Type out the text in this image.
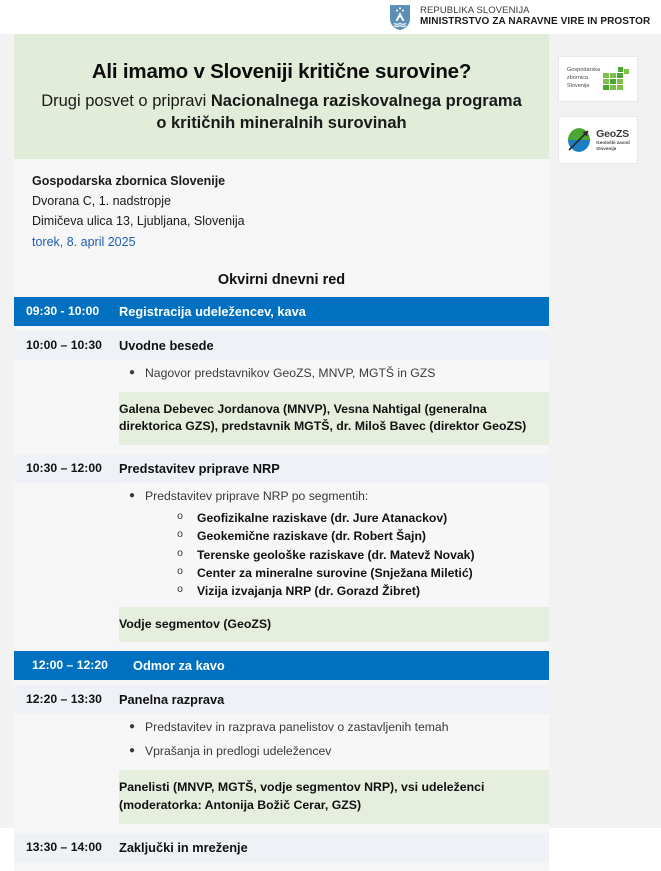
REPUBLIKA SLOVENIJA
MINISTRSTVO ZA NARAVNE VIRE IN PROSTOR
Ali imamo v Sloveniji kritične surovine?
Drugi posvet o pripravi Nacionalnega raziskovalnega programa
o kritičnih mineralnih surovinah
Gospodarska zbornica Slovenije
Dvorana C, 1. nadstropje
Dimičeva ulica 13, Ljubljana, Slovenija
torek, 8. april 2025
Okvirni dnevni red
09:30 - 10:00	Registracija udeležencev, kava
10:00 – 10:30	Uvodne besede
● Nagovor predstavnikov GeoZS, MNVP, MGTŠ in GZS
Galena Debevec Jordanova (MNVP), Vesna Nahtigal (generalna direktorica GZS), predstavnik MGTŠ, dr. Miloš Bavec (direktor GeoZS)
10:30 – 12:00	Predstavitev priprave NRP
● Predstavitev priprave NRP po segmentih:
o	Geofizikalne raziskave (dr. Jure Atanackov)
o	Geokemične raziskave (dr. Robert Šajn)
o	Terenske geološke raziskave (dr. Matevž Novak)
o	Center za mineralne surovine (Snježana Miletić)
o	Vizija izvajanja NRP (dr. Gorazd Žibret)
Vodje segmentov (GeoZS)
12:00 – 12:20	Odmor za kavo
12:20 – 13:30	Panelna razprava
● Predstavitev in razprava panelistov o zastavljenih temah
● Vprašanja in predlogi udeležencev
Panelisti (MNVP, MGTŠ, vodje segmentov NRP), vsi udeleženci (moderatorka: Antonija Božič Cerar, GZS)
13:30 – 14:00	Zaključki in mreženje
Gospodarska
zbornica
Slovenije
GeoZS
Geološki zavod
Slovenije
